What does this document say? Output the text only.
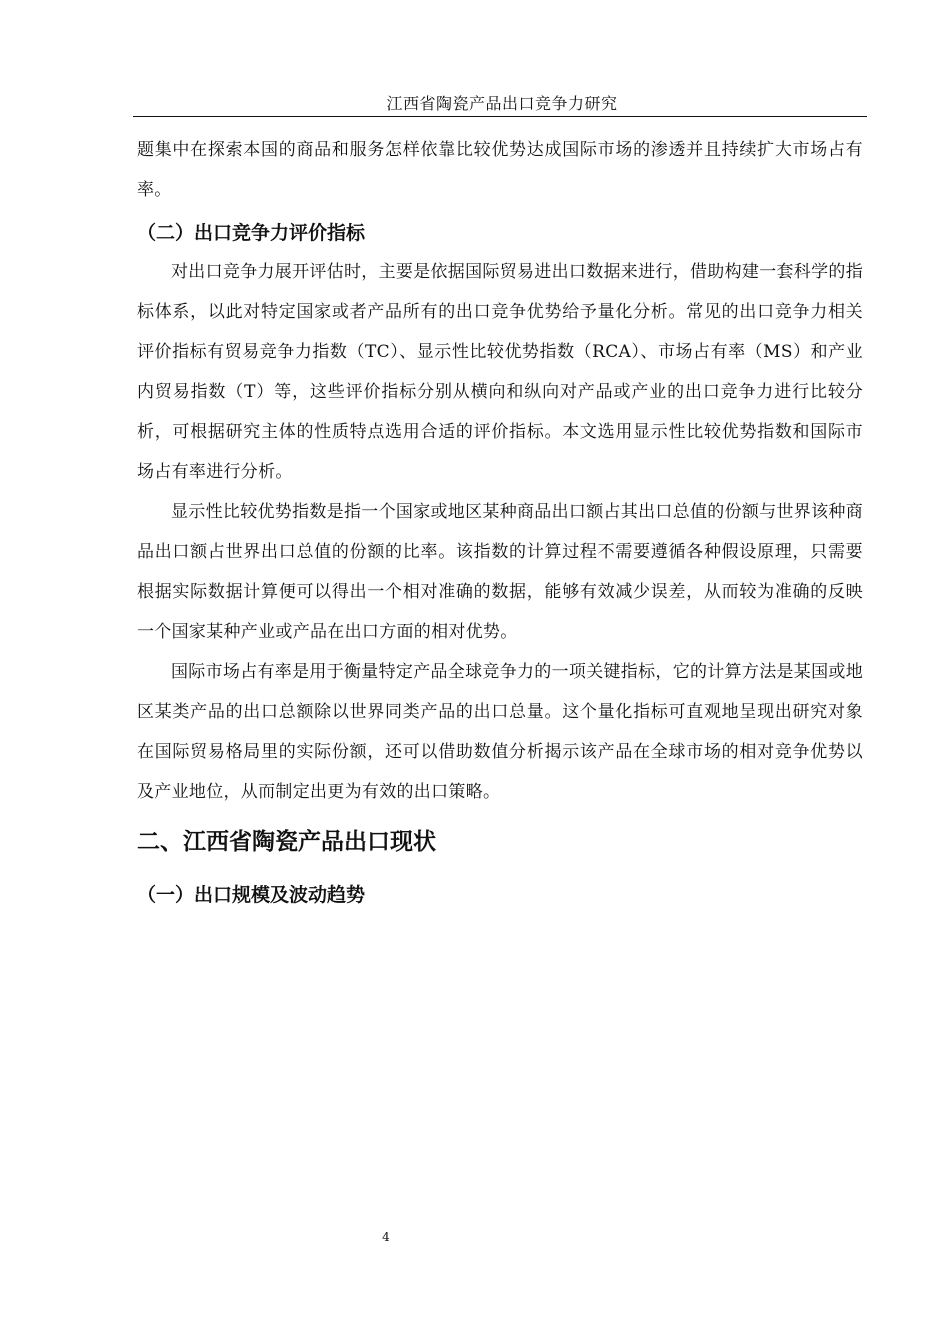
江西省陶瓷产品出口竞争力研究

题集中在探索本国的商品和服务怎样依靠比较优势达成国际市场的渗透并且持续扩大市场占有率。

（二）出口竞争力评价指标

对出口竞争力展开评估时，主要是依据国际贸易进出口数据来进行，借助构建一套科学的指标体系，以此对特定国家或者产品所有的出口竞争优势给予量化分析。常见的出口竞争力相关评价指标有贸易竞争力指数（TC）、显示性比较优势指数（RCA）、市场占有率（MS）和产业内贸易指数（T）等，这些评价指标分别从横向和纵向对产品或产业的出口竞争力进行比较分析，可根据研究主体的性质特点选用合适的评价指标。本文选用显示性比较优势指数和国际市场占有率进行分析。

显示性比较优势指数是指一个国家或地区某种商品出口额占其出口总值的份额与世界该种商品出口额占世界出口总值的份额的比率。该指数的计算过程不需要遵循各种假设原理，只需要根据实际数据计算便可以得出一个相对准确的数据，能够有效减少误差，从而较为准确的反映一个国家某种产业或产品在出口方面的相对优势。

国际市场占有率是用于衡量特定产品全球竞争力的一项关键指标，它的计算方法是某国或地区某类产品的出口总额除以世界同类产品的出口总量。这个量化指标可直观地呈现出研究对象在国际贸易格局里的实际份额，还可以借助数值分析揭示该产品在全球市场的相对竞争优势以及产业地位，从而制定出更为有效的出口策略。

二、江西省陶瓷产品出口现状
（一）出口规模及波动趋势
4
